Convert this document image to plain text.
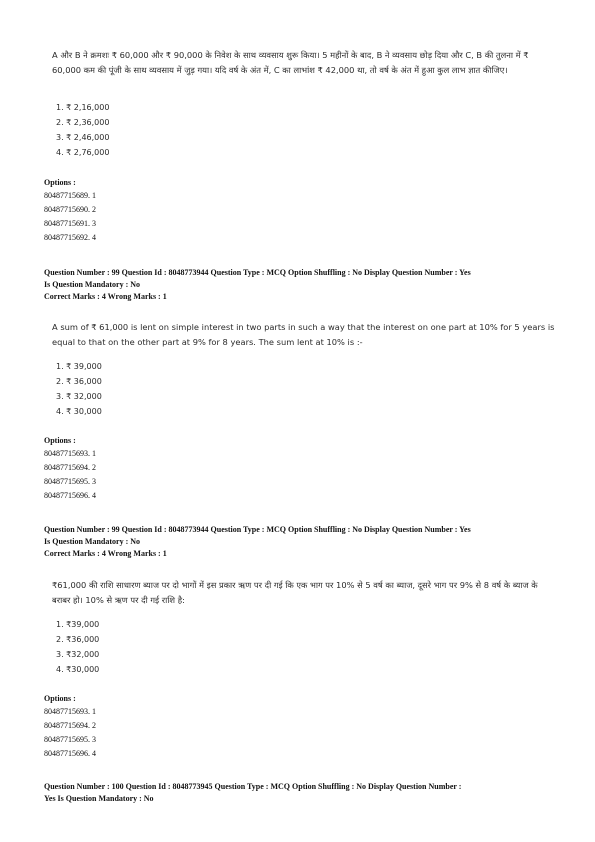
A और B ने क्रमशः ₹ 60,000 और ₹ 90,000 के निवेश के साथ व्यवसाय शुरू किया। 5 महीनों के बाद, B ने व्यवसाय छोड़ दिया और C, B की तुलना में ₹ 60,000 कम की पूंजी के साथ व्यवसाय में जुड़ गया। यदि वर्ष के अंत में, C का लाभांश ₹ 42,000 था, तो वर्ष के अंत में हुआ कुल लाभ ज्ञात कीजिए।
1. ₹ 2,16,000
2. ₹ 2,36,000
3. ₹ 2,46,000
4. ₹ 2,76,000
Options :
80487715689. 1
80487715690. 2
80487715691. 3
80487715692. 4
Question Number : 99 Question Id : 8048773944 Question Type : MCQ Option Shuffling : No Display Question Number : Yes
Is Question Mandatory : No
Correct Marks : 4 Wrong Marks : 1
A sum of ₹ 61,000 is lent on simple interest in two parts in such a way that the interest on one part at 10% for 5 years is equal to that on the other part at 9% for 8 years. The sum lent at 10% is :-
1. ₹ 39,000
2. ₹ 36,000
3. ₹ 32,000
4. ₹ 30,000
Options :
80487715693. 1
80487715694. 2
80487715695. 3
80487715696. 4
Question Number : 99 Question Id : 8048773944 Question Type : MCQ Option Shuffling : No Display Question Number : Yes
Is Question Mandatory : No
Correct Marks : 4 Wrong Marks : 1
₹61,000 की राशि साधारण ब्याज पर दो भागों में इस प्रकार ऋण पर दी गई कि एक भाग पर 10% से 5 वर्ष का ब्याज, दूसरे भाग पर 9% से 8 वर्ष के ब्याज के बराबर हो। 10% से ऋण पर दी गई राशि है:
1. ₹39,000
2. ₹36,000
3. ₹32,000
4. ₹30,000
Options :
80487715693. 1
80487715694. 2
80487715695. 3
80487715696. 4
Question Number : 100 Question Id : 8048773945 Question Type : MCQ Option Shuffling : No Display Question Number :
Yes Is Question Mandatory : No
